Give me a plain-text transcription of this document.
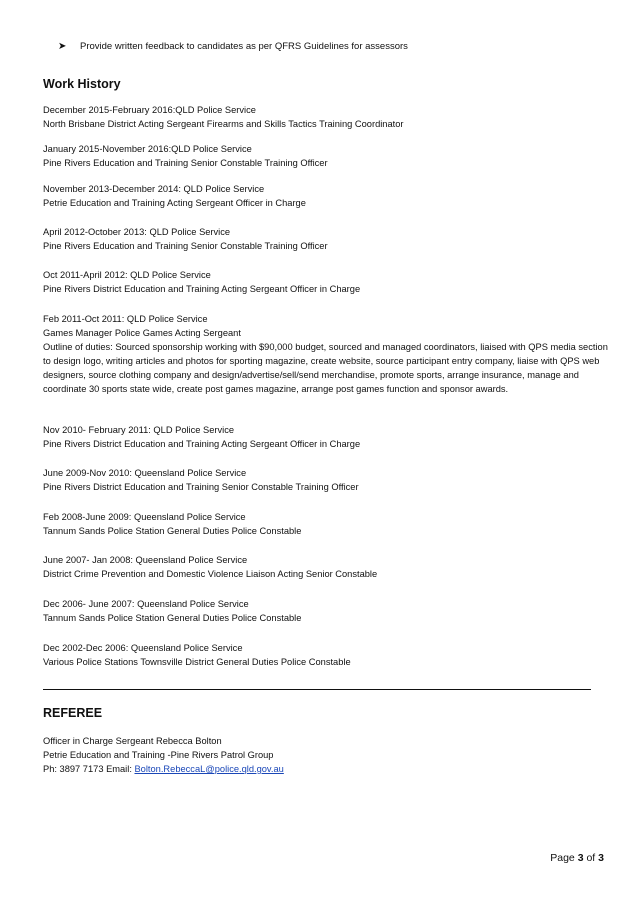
➤	Provide written feedback to candidates as per QFRS Guidelines for assessors
Work History
December 2015-February 2016:QLD Police Service
North Brisbane District Acting Sergeant Firearms and Skills Tactics Training Coordinator
January 2015-November 2016:QLD Police Service
Pine Rivers Education and Training Senior Constable Training Officer
November 2013-December 2014: QLD Police Service
Petrie Education and Training Acting Sergeant Officer in Charge
April 2012-October 2013: QLD Police Service
Pine Rivers Education and Training Senior Constable Training Officer
Oct 2011-April 2012: QLD Police Service
Pine Rivers District Education and Training Acting Sergeant Officer in Charge
Feb 2011-Oct 2011: QLD Police Service
Games Manager Police Games Acting Sergeant
Outline of duties: Sourced sponsorship working with $90,000 budget, sourced and managed coordinators, liaised with QPS media section to design logo, writing articles and photos for sporting magazine, create website, source participant entry company, liaise with QPS web designers, source clothing company and design/advertise/sell/send merchandise, promote sports, arrange insurance, manage and coordinate 30 sports state wide, create post games magazine, arrange post games function and sponsor awards.
Nov 2010- February 2011: QLD Police Service
Pine Rivers District Education and Training Acting Sergeant Officer in Charge
June 2009-Nov 2010: Queensland Police Service
Pine Rivers District Education and Training Senior Constable Training Officer
Feb 2008-June 2009: Queensland Police Service
Tannum Sands Police Station General Duties Police Constable
June 2007- Jan 2008: Queensland Police Service
District Crime Prevention and Domestic Violence Liaison Acting Senior Constable
Dec 2006- June 2007: Queensland Police Service
Tannum Sands Police Station General Duties Police Constable
Dec 2002-Dec 2006: Queensland Police Service
Various Police Stations Townsville District General Duties Police Constable
REFEREE
Officer in Charge Sergeant Rebecca Bolton
Petrie Education and Training -Pine Rivers Patrol Group
Ph: 3897 7173 Email: Bolton.RebeccaL@police.qld.gov.au
Page 3 of 3
